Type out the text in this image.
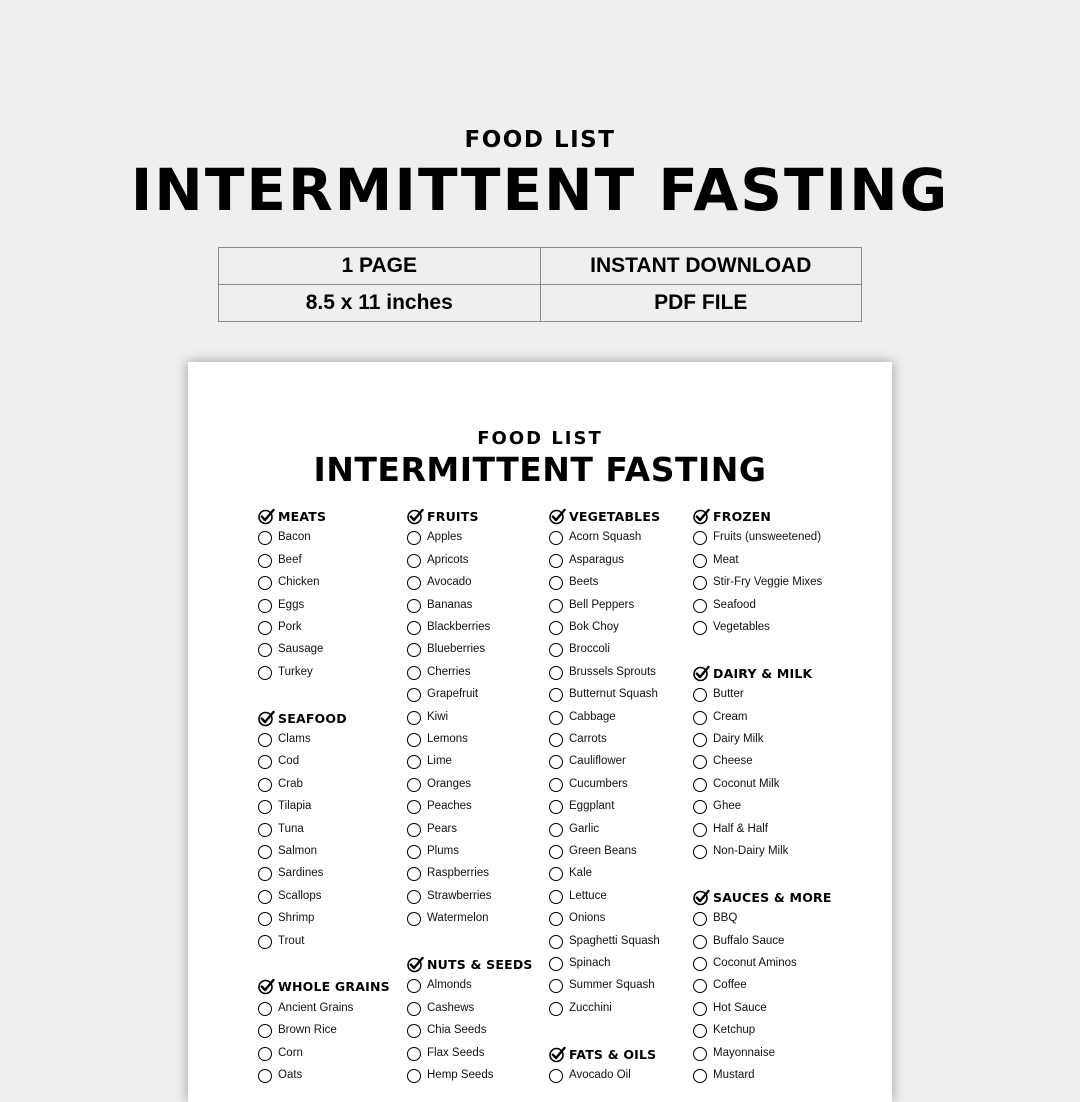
FOOD LIST
INTERMITTENT FASTING
1 PAGE	INSTANT DOWNLOAD
8.5 x 11 inches	PDF FILE
FOOD LIST
INTERMITTENT FASTING
MEATS
Bacon
Beef
Chicken
Eggs
Pork
Sausage
Turkey
SEAFOOD
Clams
Cod
Crab
Tilapia
Tuna
Salmon
Sardines
Scallops
Shrimp
Trout
WHOLE GRAINS
Ancient Grains
Brown Rice
Corn
Oats
FRUITS
Apples
Apricots
Avocado
Bananas
Blackberries
Blueberries
Cherries
Grapefruit
Kiwi
Lemons
Lime
Oranges
Peaches
Pears
Plums
Raspberries
Strawberries
Watermelon
NUTS & SEEDS
Almonds
Cashews
Chia Seeds
Flax Seeds
Hemp Seeds
VEGETABLES
Acorn Squash
Asparagus
Beets
Bell Peppers
Bok Choy
Broccoli
Brussels Sprouts
Butternut Squash
Cabbage
Carrots
Cauliflower
Cucumbers
Eggplant
Garlic
Green Beans
Kale
Lettuce
Onions
Spaghetti Squash
Spinach
Summer Squash
Zucchini
FATS & OILS
Avocado Oil
FROZEN
Fruits (unsweetened)
Meat
Stir-Fry Veggie Mixes
Seafood
Vegetables
DAIRY & MILK
Butter
Cream
Dairy Milk
Cheese
Coconut Milk
Ghee
Half & Half
Non-Dairy Milk
SAUCES & MORE
BBQ
Buffalo Sauce
Coconut Aminos
Coffee
Hot Sauce
Ketchup
Mayonnaise
Mustard
